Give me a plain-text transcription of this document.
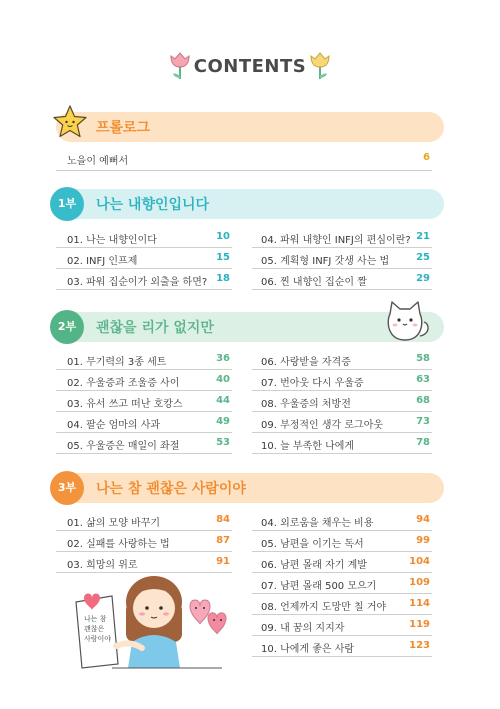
CONTENTS
프롤로그
노을이 예뻐서	6
1부	나는 내향인입니다
01. 나는 내향인이다	10
02. INFJ 인프제	15
03. 파워 집순이가 외출을 하면? 18
04. 파워 내향인 INFJ의 편심이란? 21
05. 계획형 INFJ 갓생 사는 법	25
06. 찐 내향인 집순이 짤	29
2부	괜찮을 리가 없지만
01. 무기력의 3종 세트	36
02. 우울증과 조울증 사이	40
03. 유서 쓰고 떠난 호캉스	44
04. 팔순 엄마의 사과	49
05. 우울증은 매일이 좌절	53
06. 사랑받을 자격증	58
07. 번아웃 다시 우울증	63
08. 우울증의 처방전	68
09. 부정적인 생각 로그아웃	73
10. 늘 부족한 나에게	78
3부	나는 참 괜찮은 사람이야
01. 삶의 모양 바꾸기	84
02. 실패를 사랑하는 법	87
03. 희망의 위로	91
04. 외로움을 채우는 비용	94
05. 남편을 이기는 독서	99
06. 남편 몰래 자기 계발	104
07. 남편 몰래 500 모으기	109
08. 언제까지 도망만 칠 거야	114
09. 내 꿈의 지지자	119
10. 나에게 좋은 사람	123
나는 참
괜찮은
사람이야
